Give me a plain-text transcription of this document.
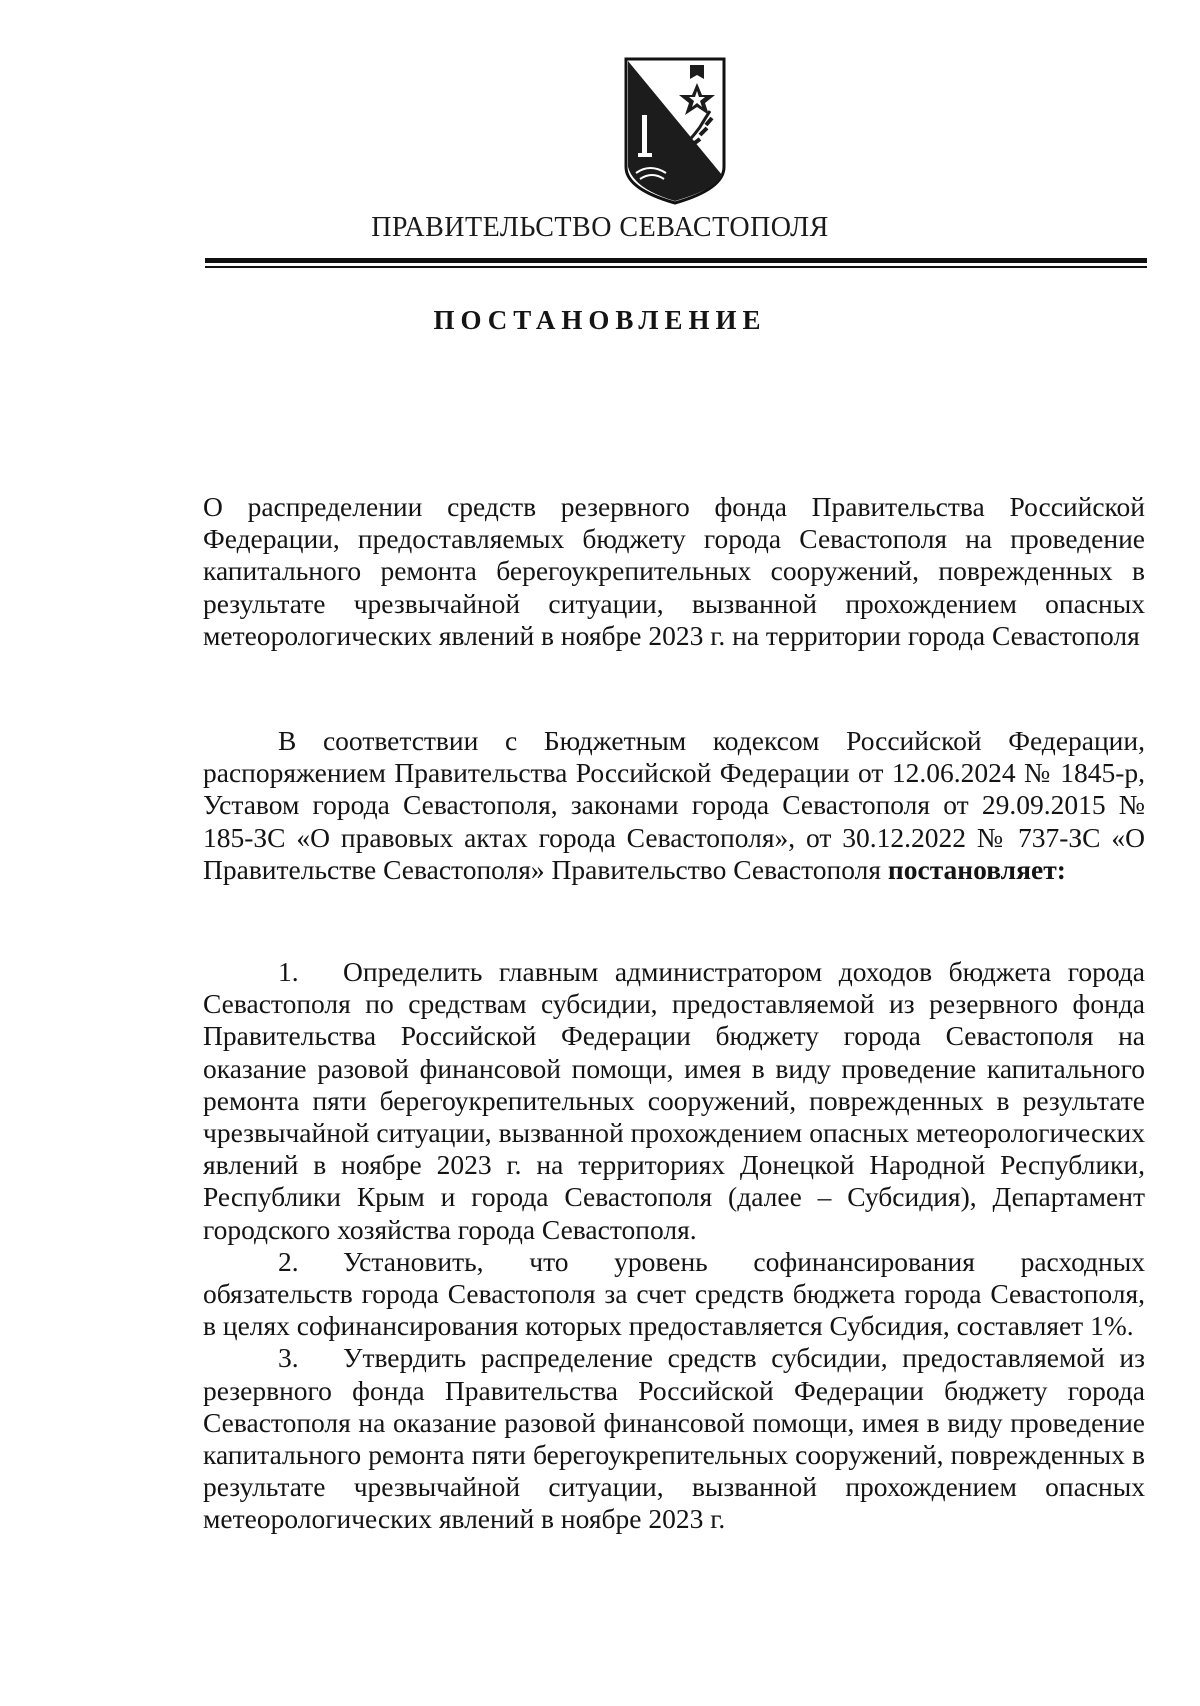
ПРАВИТЕЛЬСТВО СЕВАСТОПОЛЯ
ПОСТАНОВЛЕНИЕ

О распределении средств резервного фонда Правительства Российской Федерации, предоставляемых бюджету города Севастополя на проведение капитального ремонта берегоукрепительных сооружений, поврежденных в результате чрезвычайной ситуации, вызванной прохождением опасных метеорологических явлений в ноябре 2023 г. на территории города Севастополя

В соответствии с Бюджетным кодексом Российской Федерации, распоряжением Правительства Российской Федерации от 12.06.2024 № 1845-р, Уставом города Севастополя, законами города Севастополя от 29.09.2015 № 185-ЗС «О правовых актах города Севастополя», от 30.12.2022 № 737-ЗС «О Правительстве Севастополя» Правительство Севастополя постановляет:

1. Определить главным администратором доходов бюджета города Севастополя по средствам субсидии, предоставляемой из резервного фонда Правительства Российской Федерации бюджету города Севастополя на оказание разовой финансовой помощи, имея в виду проведение капитального ремонта пяти берегоукрепительных сооружений, поврежденных в результате чрезвычайной ситуации, вызванной прохождением опасных метеорологических явлений в ноябре 2023 г. на территориях Донецкой Народной Республики, Республики Крым и города Севастополя (далее – Субсидия), Департамент городского хозяйства города Севастополя.

2. Установить, что уровень софинансирования расходных обязательств города Севастополя за счет средств бюджета города Севастополя, в целях софинансирования которых предоставляется Субсидия, составляет 1%.

3. Утвердить распределение средств субсидии, предоставляемой из резервного фонда Правительства Российской Федерации бюджету города Севастополя на оказание разовой финансовой помощи, имея в виду проведение капитального ремонта пяти берегоукрепительных сооружений, поврежденных в результате чрезвычайной ситуации, вызванной прохождением опасных метеорологических явлений в ноябре 2023 г.
